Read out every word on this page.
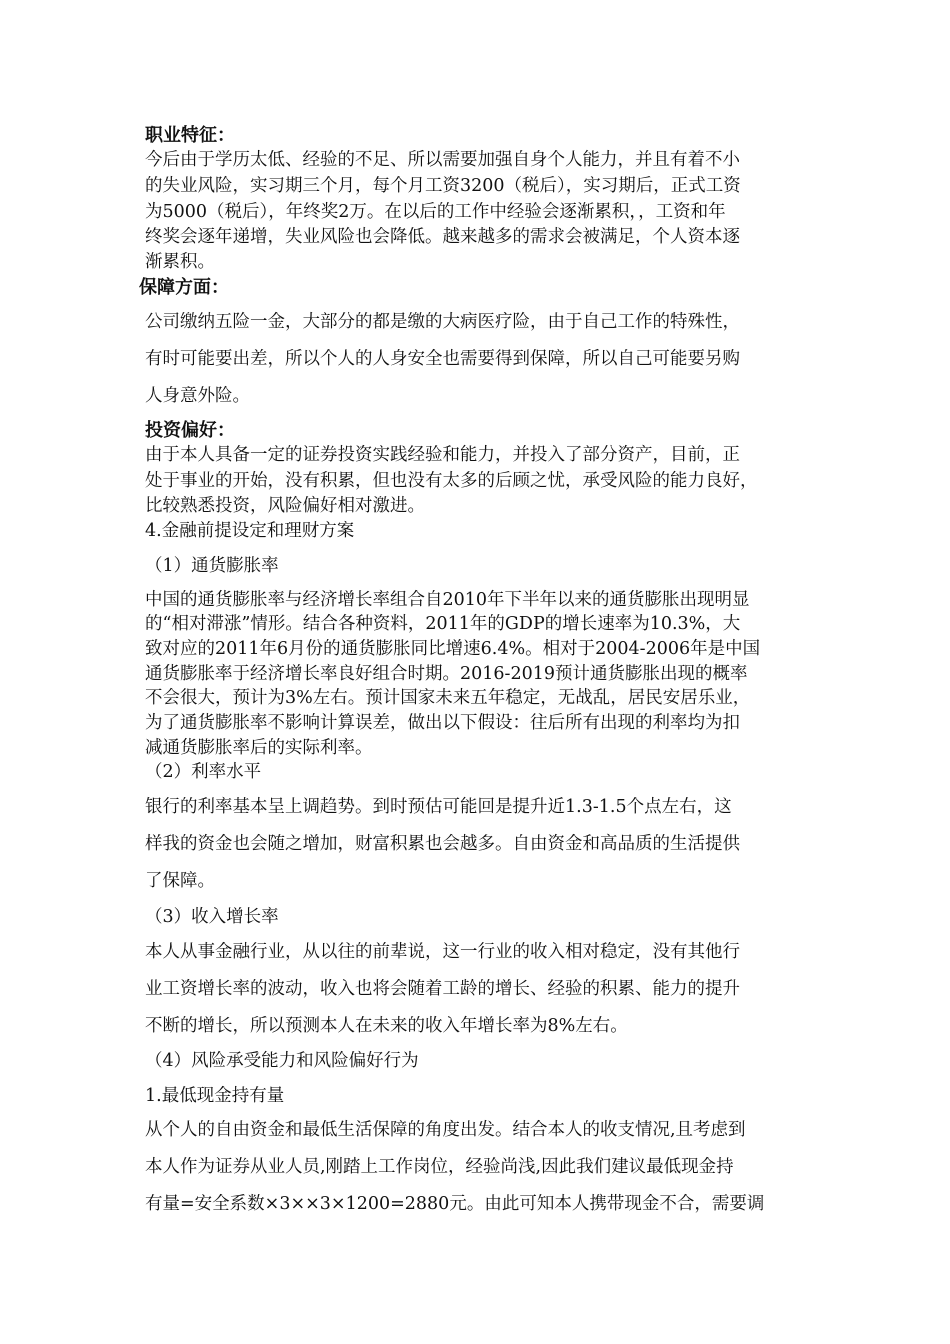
职业特征：
今后由于学历太低、经验的不足、所以需要加强自身个人能力，并且有着不小
的失业风险，实习期三个月，每个月工资3200（税后），实习期后，正式工资
为5000（税后），年终奖2万。在以后的工作中经验会逐渐累积，，工资和年
终奖会逐年递增，失业风险也会降低。越来越多的需求会被满足，个人资本逐
渐累积。
保障方面：
公司缴纳五险一金，大部分的都是缴的大病医疗险，由于自己工作的特殊性，
有时可能要出差，所以个人的人身安全也需要得到保障，所以自己可能要另购
人身意外险。
投资偏好：
由于本人具备一定的证券投资实践经验和能力，并投入了部分资产，目前，正
处于事业的开始，没有积累，但也没有太多的后顾之忧，承受风险的能力良好，
比较熟悉投资，风险偏好相对激进。
4.金融前提设定和理财方案
（1）通货膨胀率
中国的通货膨胀率与经济增长率组合自2010年下半年以来的通货膨胀出现明显
的“相对滞涨”情形。结合各种资料，2011年的GDP的增长速率为10.3%，大
致对应的2011年6月份的通货膨胀同比增速6.4%。相对于2004-2006年是中国
通货膨胀率于经济增长率良好组合时期。2016-2019预计通货膨胀出现的概率
不会很大，预计为3%左右。预计国家未来五年稳定，无战乱，居民安居乐业，
为了通货膨胀率不影响计算误差，做出以下假设：往后所有出现的利率均为扣
减通货膨胀率后的实际利率。
（2）利率水平
银行的利率基本呈上调趋势。到时预估可能回是提升近1.3-1.5个点左右，这
样我的资金也会随之增加，财富积累也会越多。自由资金和高品质的生活提供
了保障。
（3）收入增长率
本人从事金融行业，从以往的前辈说，这一行业的收入相对稳定，没有其他行
业工资增长率的波动，收入也将会随着工龄的增长、经验的积累、能力的提升
不断的增长，所以预测本人在未来的收入年增长率为8%左右。
（4）风险承受能力和风险偏好行为
1.最低现金持有量
从个人的自由资金和最低生活保障的角度出发。结合本人的收支情况,且考虑到
本人作为证券从业人员,刚踏上工作岗位，经验尚浅,因此我们建议最低现金持
有量=安全系数×3××3×1200=2880元。由此可知本人携带现金不合，需要调
